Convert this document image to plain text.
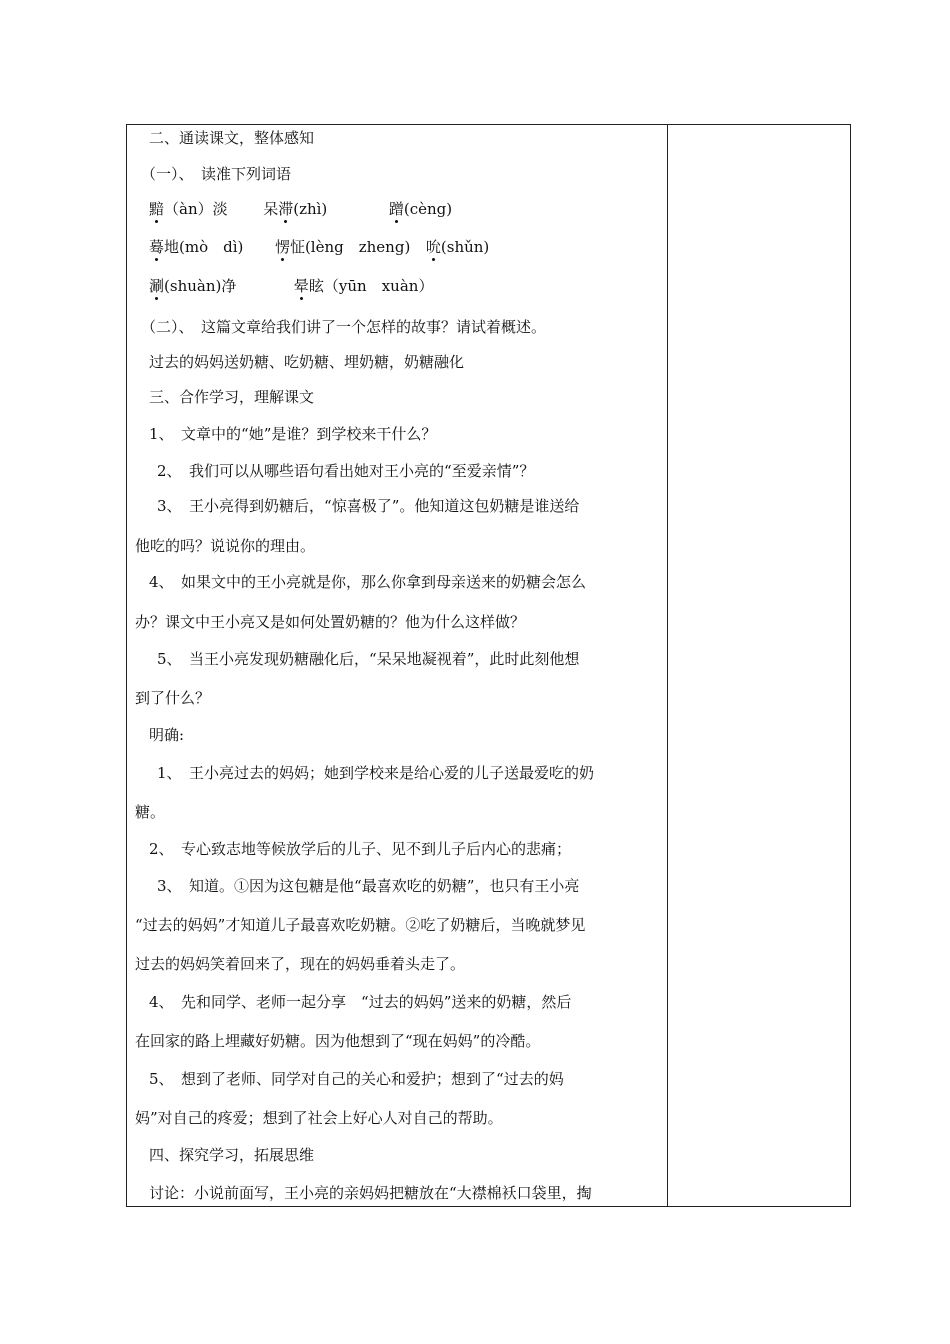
二、通读课文，整体感知
（一）、　读准下列词语
黯（àn）淡 呆滞(zhì)	蹭(cèng)
蓦地(mò　dì) 愣怔(lèng　zheng) 吮(shǔn)
涮(shuàn)净	晕眩（yūn　xuàn）
（二）、　这篇文章给我们讲了一个怎样的故事？请试着概述。
过去的妈妈送奶糖、吃奶糖、埋奶糖，奶糖融化
三、合作学习，理解课文
1、　文章中的“她”是谁？到学校来干什么？
2、　我们可以从哪些语句看出她对王小亮的“至爱亲情”？
3、　王小亮得到奶糖后，“惊喜极了”。他知道这包奶糖是谁送给
他吃的吗？说说你的理由。
4、　如果文中的王小亮就是你，那么你拿到母亲送来的奶糖会怎么
办？课文中王小亮又是如何处置奶糖的？他为什么这样做？
5、　当王小亮发现奶糖融化后，“呆呆地凝视着”，此时此刻他想
到了什么？
明确:
1、　王小亮过去的妈妈；她到学校来是给心爱的儿子送最爱吃的奶
糖。
2、　专心致志地等候放学后的儿子、见不到儿子后内心的悲痛；
3、　知道。①因为这包糖是他“最喜欢吃的奶糖”，也只有王小亮
“过去的妈妈”才知道儿子最喜欢吃奶糖。②吃了奶糖后，当晚就梦见
过去的妈妈笑着回来了，现在的妈妈垂着头走了。
4、　先和同学、老师一起分享　“过去的妈妈”送来的奶糖，然后
在回家的路上埋藏好奶糖。因为他想到了“现在妈妈”的冷酷。
5、　想到了老师、同学对自己的关心和爱护；想到了“过去的妈
妈”对自己的疼爱；想到了社会上好心人对自己的帮助。
四、探究学习，拓展思维
讨论：小说前面写，王小亮的亲妈妈把糖放在“大襟棉袄口袋里，掏
